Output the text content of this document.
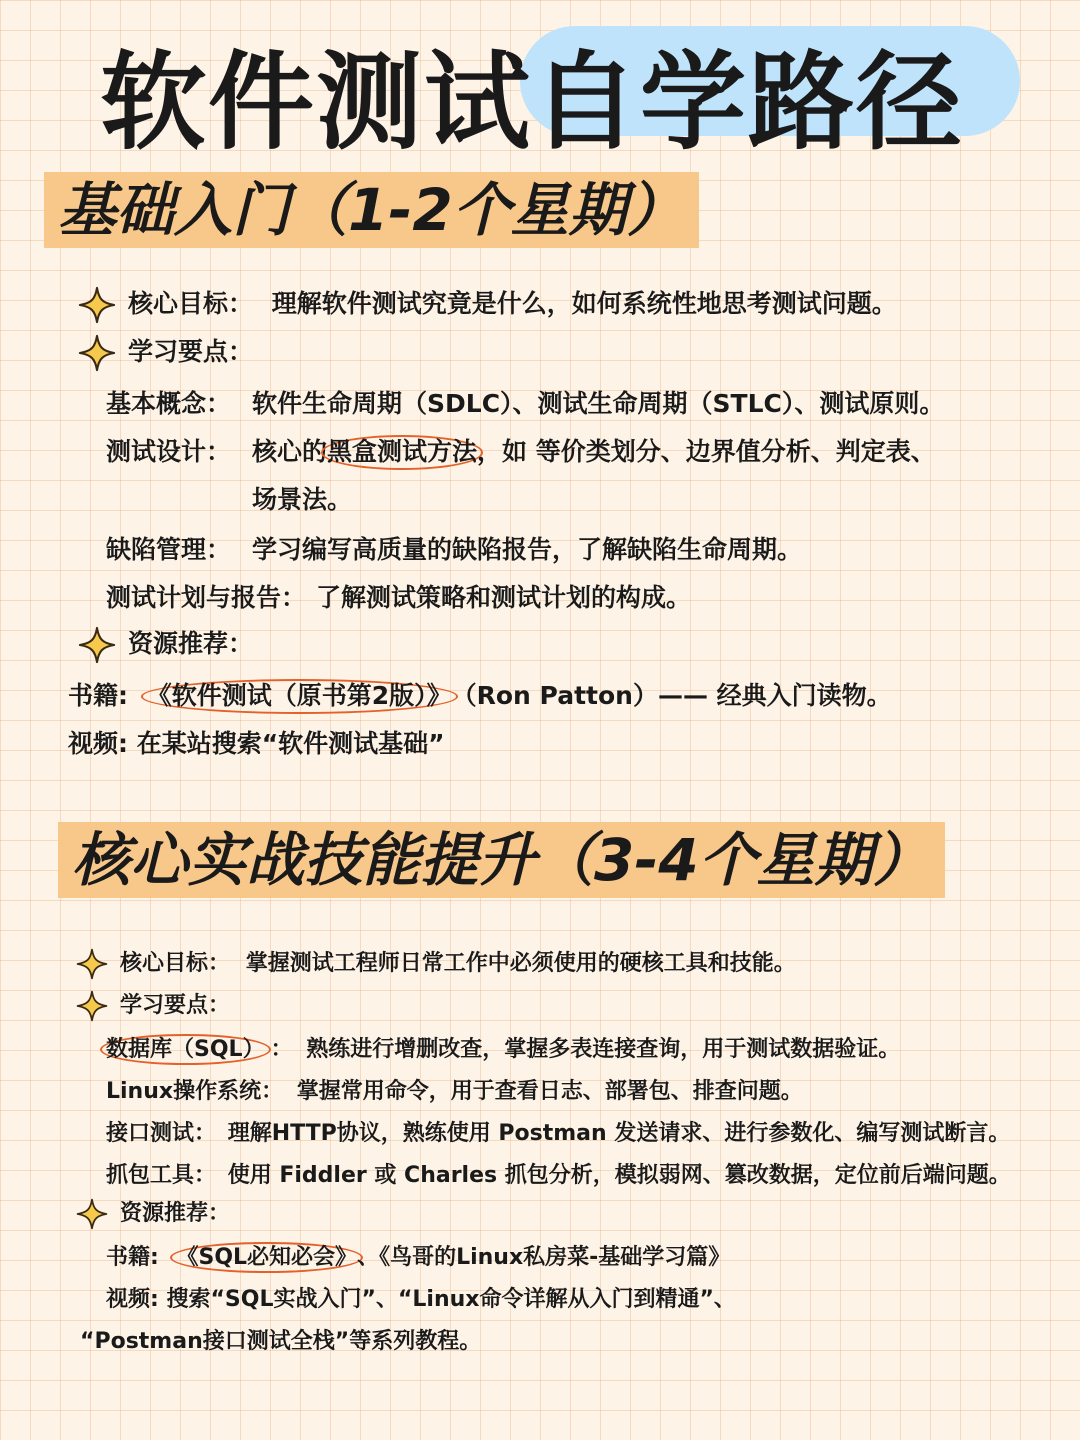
软件测试自学路径
基础入门（1-2个星期）
核心目标： 理解软件测试究竟是什么，如何系统性地思考测试问题。
学习要点：
基本概念： 软件生命周期（SDLC）、测试生命周期（STLC）、测试原则。
测试设计： 核心的黑盒测试方法，如 等价类划分、边界值分析、判定表、
场景法。
缺陷管理： 学习编写高质量的缺陷报告，了解缺陷生命周期。
测试计划与报告： 了解测试策略和测试计划的构成。
资源推荐：
书籍: 《软件测试（原书第2版）》（Ron Patton）—— 经典入门读物。
视频: 在某站搜索“软件测试基础”
核心实战技能提升（3-4个星期）
核心目标： 掌握测试工程师日常工作中必须使用的硬核工具和技能。
学习要点：
数据库（SQL） ： 熟练进行增删改查，掌握多表连接查询，用于测试数据验证。
Linux操作系统： 掌握常用命令，用于查看日志、部署包、排查问题。
接口测试： 理解HTTP协议，熟练使用 Postman 发送请求、进行参数化、编写测试断言。
抓包工具： 使用 Fiddler 或 Charles 抓包分析，模拟弱网、篡改数据，定位前后端问题。
资源推荐：
书籍: 《SQL必知必会》、《鸟哥的Linux私房菜-基础学习篇》
视频: 搜索“SQL实战入门”、“Linux命令详解从入门到精通”、
“Postman接口测试全栈”等系列教程。
